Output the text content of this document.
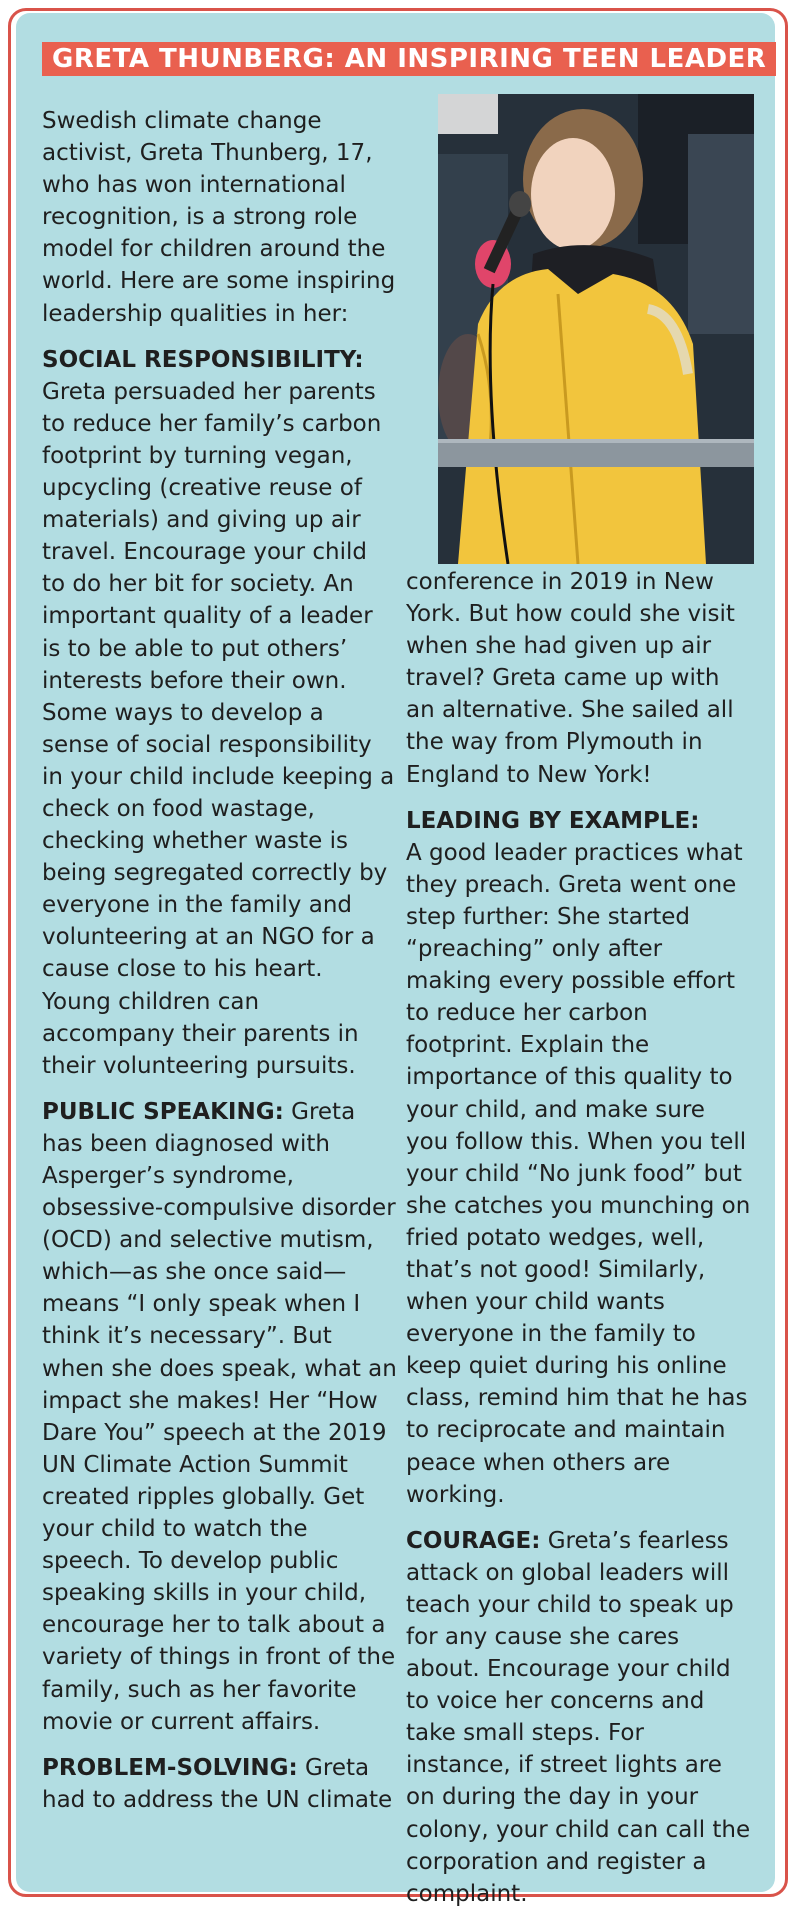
GRETA THUNBERG: AN INSPIRING TEEN LEADER

Swedish climate change activist, Greta Thunberg, 17, who has won international recognition, is a strong role model for children around the world. Here are some inspiring leadership qualities in her:

SOCIAL RESPONSIBILITY: Greta persuaded her parents to reduce her family’s carbon footprint by turning vegan, upcycling (creative reuse of materials) and giving up air travel. Encourage your child to do her bit for society. An important quality of a leader is to be able to put others’ interests before their own. Some ways to develop a sense of social responsibility in your child include keeping a check on food wastage, checking whether waste is being segregated correctly by everyone in the family and volunteering at an NGO for a cause close to his heart. Young children can accompany their parents in their volunteering pursuits.

PUBLIC SPEAKING: Greta has been diagnosed with Asperger’s syndrome, obsessive-compulsive disorder (OCD) and selective mutism, which—as she once said—means “I only speak when I think it’s necessary”. But when she does speak, what an impact she makes! Her “How Dare You” speech at the 2019 UN Climate Action Summit created ripples globally. Get your child to watch the speech. To develop public speaking skills in your child, encourage her to talk about a variety of things in front of the family, such as her favorite movie or current affairs.

PROBLEM-SOLVING: Greta had to address the UN climate

conference in 2019 in New York. But how could she visit when she had given up air travel? Greta came up with an alternative. She sailed all the way from Plymouth in England to New York!

LEADING BY EXAMPLE:
A good leader practices what they preach. Greta went one step further: She started “preaching” only after making every possible effort to reduce her carbon footprint. Explain the importance of this quality to your child, and make sure you follow this. When you tell your child “No junk food” but she catches you munching on fried potato wedges, well, that’s not good! Similarly, when your child wants everyone in the family to keep quiet during his online class, remind him that he has to reciprocate and maintain peace when others are working.

COURAGE: Greta’s fearless attack on global leaders will teach your child to speak up for any cause she cares about. Encourage your child to voice her concerns and take small steps. For instance, if street lights are on during the day in your colony, your child can call the corporation and register a complaint.
